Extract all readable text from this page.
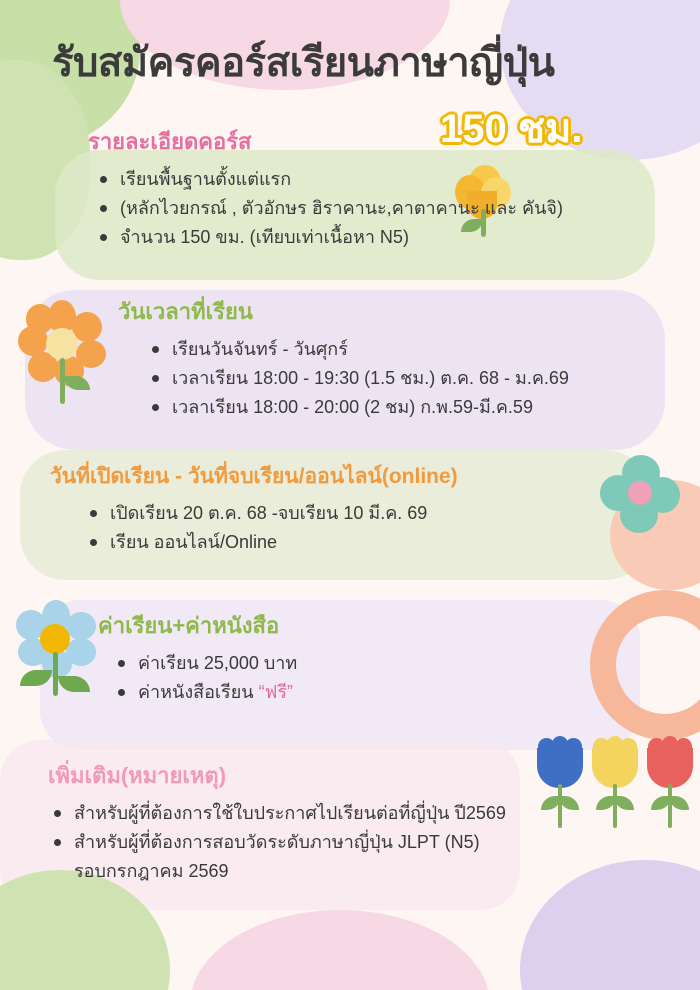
รับสมัครคอร์สเรียนภาษาญี่ปุ่น
150 ชม.
รายละเอียดคอร์ส
เรียนพื้นฐานตั้งแต่แรก
(หลักไวยกรณ์ , ตัวอักษร ฮิราคานะ,คาตาคานะ และ คันจิ)
จำนวน 150 ขม. (เทียบเท่าเนื้อหา N5)
วันเวลาที่เรียน
เรียนวันจันทร์ - วันศุกร์
เวลาเรียน 18:00 - 19:30 (1.5 ชม.) ต.ค. 68 - ม.ค.69
เวลาเรียน 18:00 - 20:00 (2 ชม) ก.พ.59-มี.ค.59
วันที่เปิดเรียน - วันที่จบเรียน/ออนไลน์(online)
เปิดเรียน 20 ต.ค. 68 -จบเรียน 10 มี.ค. 69
เรียน ออนไลน์/Online
ค่าเรียน+ค่าหนังสือ
ค่าเรียน 25,000 บาท
ค่าหนังสือเรียน “ฟรี”
เพิ่มเติม(หมายเหตุ)
สำหรับผู้ที่ต้องการใช้ใบประกาศไปเรียนต่อที่ญี่ปุ่น ปี2569
สำหรับผู้ที่ต้องการสอบวัดระดับภาษาญี่ปุ่น JLPT (N5)
รอบกรกฎาคม 2569
